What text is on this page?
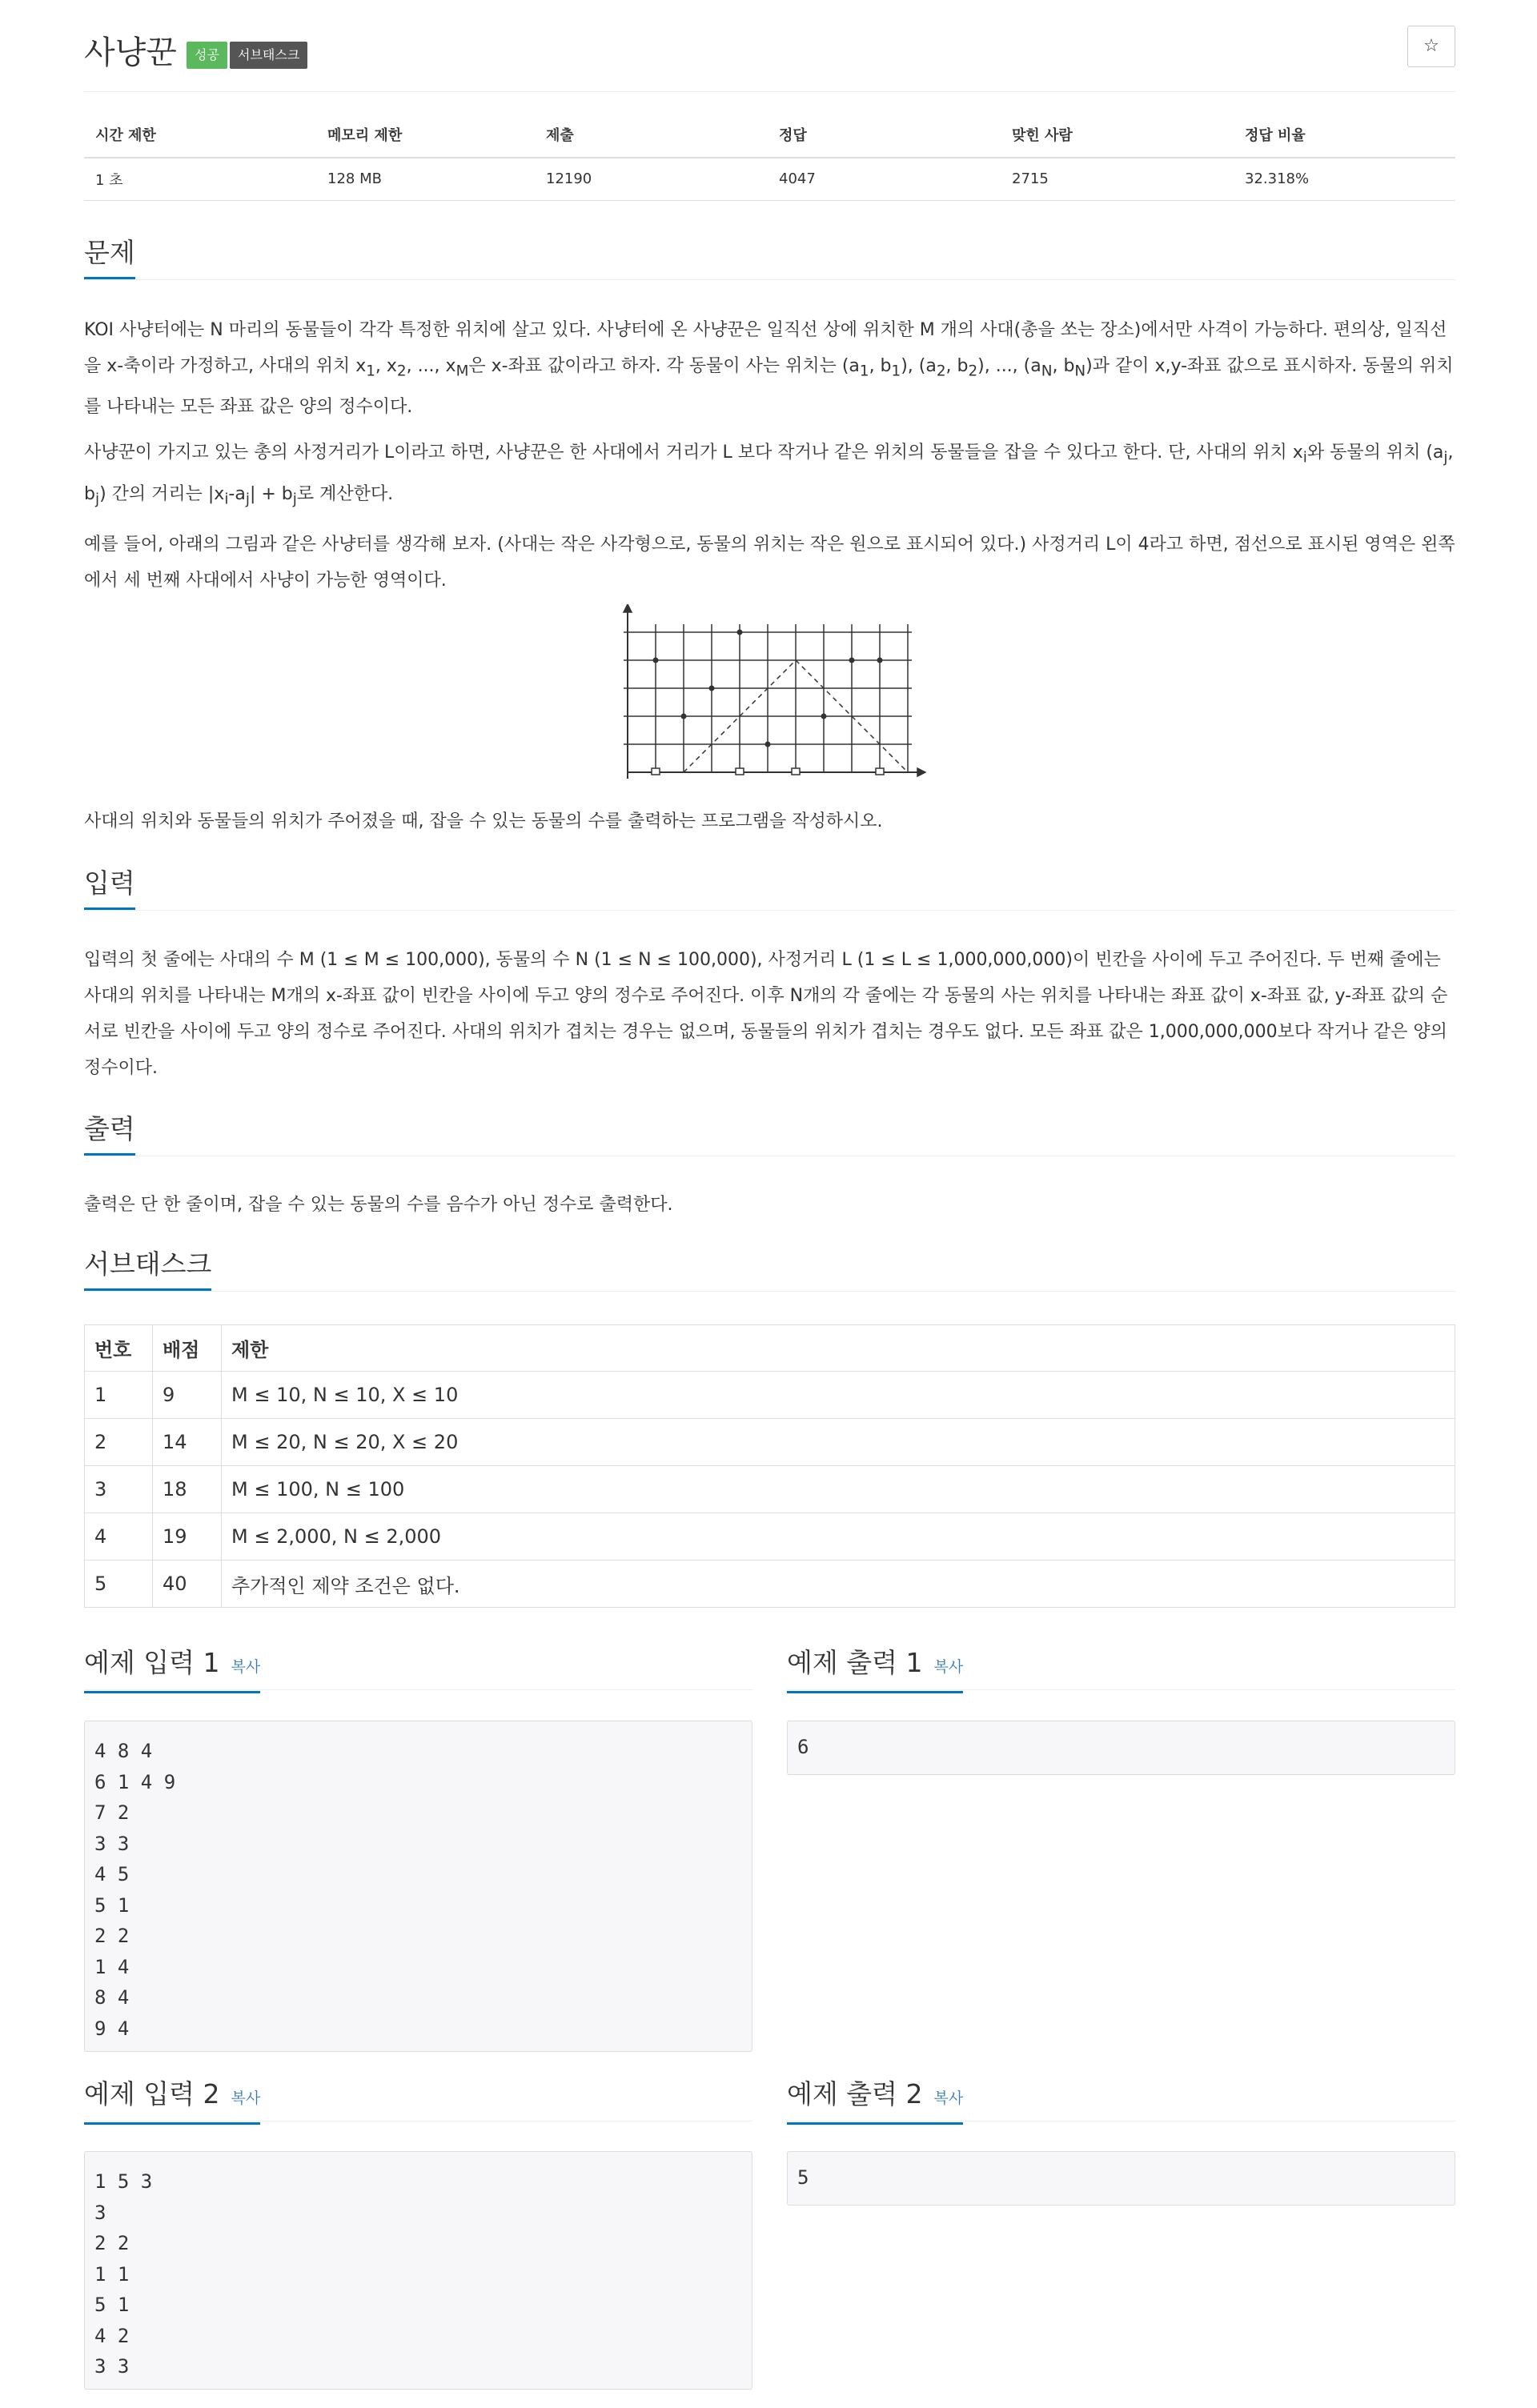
사냥꾼	성공	서브태스크	☆
시간 제한	메모리 제한	제출	정답	맞힌 사람	정답 비율
1 초	128 MB	12190	4047	2715	32.318%
문제

KOI 사냥터에는 N 마리의 동물들이 각각 특정한 위치에 살고 있다. 사냥터에 온 사냥꾼은 일직선 상에 위치한 M 개의 사대(총을 쏘는 장소)에서만 사격이 가능하다. 편의상, 일직선을 x-축이라 가정하고, 사대의 위치 $x_1$, $x_2$, ..., $x_M$은 x-좌표 값이라고 하자. 각 동물이 사는 위치는 ($a_1$, $b_1$), ($a_2$, $b_2$), ..., ($a_N$, $b_N$)과 같이 x,y-좌표 값으로 표시하자. 동물의 위치를 나타내는 모든 좌표 값은 양의 정수이다.

사냥꾼이 가지고 있는 총의 사정거리가 L이라고 하면, 사냥꾼은 한 사대에서 거리가 L 보다 작거나 같은 위치의 동물들을 잡을 수 있다고 한다. 단, 사대의 위치 $x_i$와 동물의 위치 ($a_j$, $b_j$) 간의 거리는 $|x_i-a_j| + b_j$로 계산한다.

예를 들어, 아래의 그림과 같은 사냥터를 생각해 보자. (사대는 작은 사각형으로, 동물의 위치는 작은 원으로 표시되어 있다.) 사정거리 L이 4라고 하면, 점선으로 표시된 영역은 왼쪽에서 세 번째 사대에서 사냥이 가능한 영역이다.

사대의 위치와 동물들의 위치가 주어졌을 때, 잡을 수 있는 동물의 수를 출력하는 프로그램을 작성하시오.

입력

입력의 첫 줄에는 사대의 수 M (1 ≤ M ≤ 100,000), 동물의 수 N (1 ≤ N ≤ 100,000), 사정거리 L (1 ≤ L ≤ 1,000,000,000)이 빈칸을 사이에 두고 주어진다. 두 번째 줄에는 사대의 위치를 나타내는 M개의 x-좌표 값이 빈칸을 사이에 두고 양의 정수로 주어진다. 이후 N개의 각 줄에는 각 동물의 사는 위치를 나타내는 좌표 값이 x-좌표 값, y-좌표 값의 순서로 빈칸을 사이에 두고 양의 정수로 주어진다. 사대의 위치가 겹치는 경우는 없으며, 동물들의 위치가 겹치는 경우도 없다. 모든 좌표 값은 1,000,000,000보다 작거나 같은 양의 정수이다.

출력

출력은 단 한 줄이며, 잡을 수 있는 동물의 수를 음수가 아닌 정수로 출력한다.

서브태스크
번호	배점	제한
1	9	M ≤ 10, N ≤ 10, X ≤ 10
2	14	M ≤ 20, N ≤ 20, X ≤ 20
3	18	M ≤ 100, N ≤ 100
4	19	M ≤ 2,000, N ≤ 2,000
5	40	추가적인 제약 조건은 없다.
예제 입력 1 복사	예제 출력 1 복사
4 8 4
6 1 4 9
7 2
3 3
4 5
5 1
2 2
1 4
8 4
9 4
6
예제 입력 2 복사	예제 출력 2 복사
1 5 3
3
2 2
1 1
5 1
4 2
3 3
5
